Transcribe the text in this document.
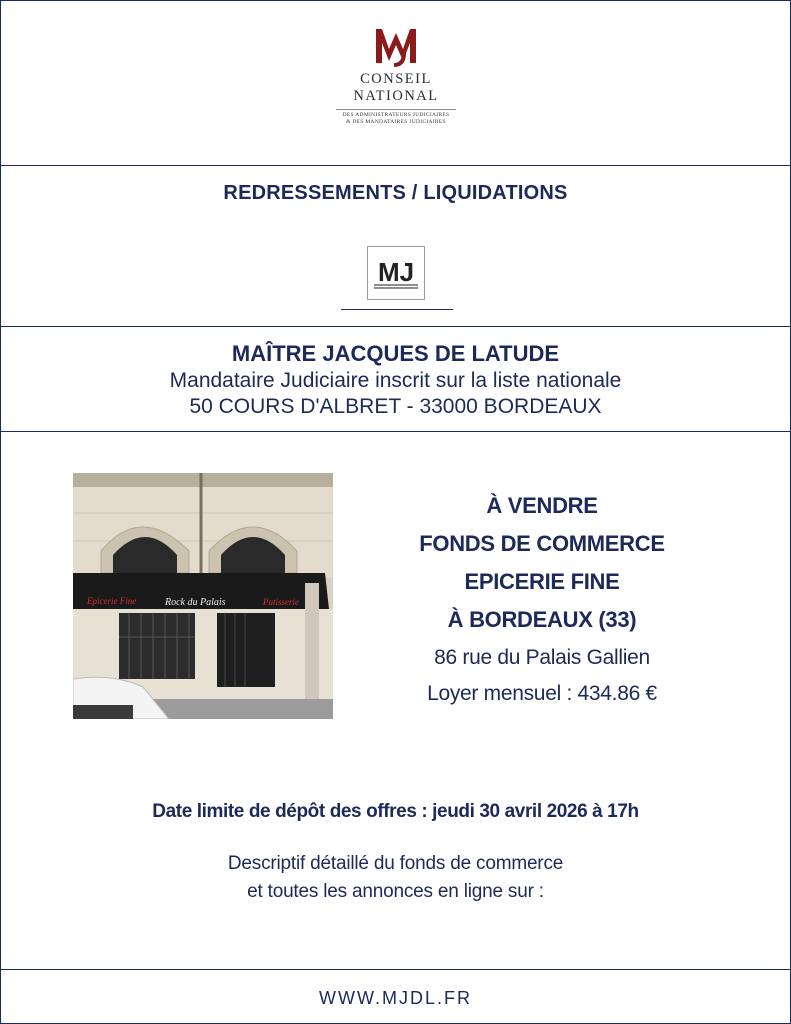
CONSEIL
NATIONAL
DES ADMINISTRATEURS JUDICIAIRES
& DES MANDATAIRES JUDICIAIRES
REDRESSEMENTS / LIQUIDATIONS
MJ
MAÎTRE JACQUES DE LATUDE
Mandataire Judiciaire inscrit sur la liste nationale
50 COURS D'ALBRET - 33000 BORDEAUX
Epicerie Fine	Rock du Palais	Patisserie
À VENDRE
FONDS DE COMMERCE
EPICERIE FINE
À BORDEAUX (33)
86 rue du Palais Gallien
Loyer mensuel : 434.86 €
Date limite de dépôt des offres : jeudi 30 avril 2026 à 17h
Descriptif détaillé du fonds de commerce
et toutes les annonces en ligne sur :
WWW.MJDL.FR
